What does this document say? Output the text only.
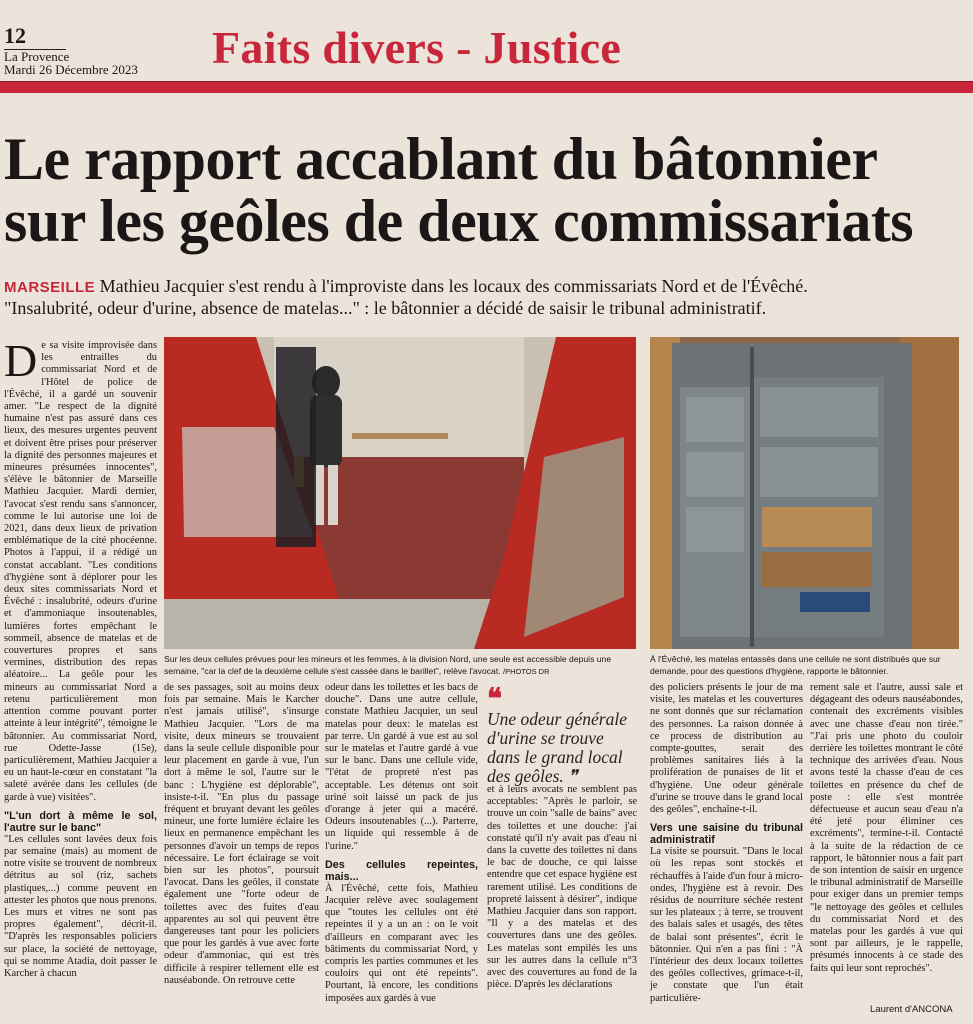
12
La Provence
Mardi 26 Décembre 2023 Faits divers - Justice
Le rapport accablant du bâtonnier
sur les geôles de deux commissariats
MARSEILLE Mathieu Jacquier s'est rendu à l'improviste dans les locaux des commissariats Nord et de l'Évêché.
"Insalubrité, odeur d'urine, absence de matelas..." : le bâtonnier a décidé de saisir le tribunal administratif.
Sur les deux cellules prévues pour les mineurs et les femmes, à la division Nord, une seule est accessible depuis une semaine, "car la clef de la deuxième cellule s'est cassée dans le barillet", relève l'avocat. /PHOTOS DR
À l'Évêché, les matelas entassés dans une cellule ne sont distribués que sur demande, pour des questions d'hygiène, rapporte le bâtonnier.
D e sa visite improvisée dans les entrailles du commissariat Nord et de l'Hôtel de police de l'Évêché, il a gardé un souvenir amer. "Le respect de la dignité humaine n'est pas assuré dans ces lieux, des mesures urgentes peuvent et doivent être prises pour préserver la dignité des personnes majeures et mineures présumées innocentes", s'élève le bâtonnier de Marseille Mathieu Jacquier. Mardi dernier, l'avocat s'est rendu sans s'annoncer, comme le lui autorise une loi de 2021, dans deux lieux de privation emblématique de la cité phocéenne. Photos à l'appui, il a rédigé un constat accablant. "Les conditions d'hygiène sont à déplorer pour les deux sites commissariats Nord et Évêché : insalubrité, odeurs d'urine et d'ammoniaque insoutenables, lumières fortes empêchant le sommeil, absence de matelas et de couvertures propres et sans vermines, distribution des repas aléatoire... La geôle pour les mineurs au commissariat Nord a retenu particulièrement mon attention comme pouvant porter atteinte à leur intégrité", témoigne le bâtonnier. Au commissariat Nord, rue Odette-Jasse (15e), particulièrement, Mathieu Jacquier a eu un haut-le-cœur en constatant "la saleté avérée dans les cellules (de garde à vue) visitées".

"L'un dort à même le sol, l'autre sur le banc"

"Les cellules sont lavées deux fois par semaine (mais) au moment de notre visite se trouvent de nombreux détritus au sol (riz, sachets plastiques,...) comme peuvent en attester les photos que nous prenons. Les murs et vitres ne sont pas propres également", décrit-il. "D'après les responsables policiers sur place, la société de nettoyage, qui se nomme Atadia, doit passer le Karcher à chacun

de ses passages, soit au moins deux fois par semaine. Mais le Karcher n'est jamais utilisé", s'insurge Mathieu Jacquier. "Lors de ma visite, deux mineurs se trouvaient dans la seule cellule disponible pour leur placement en garde à vue, l'un dort à même le sol, l'autre sur le banc : L'hygiène est déplorable", insiste-t-il. "En plus du passage fréquent et bruyant devant les geôles mineur, une forte lumière éclaire les lieux en permanence empêchant les personnes d'avoir un temps de repos nécessaire. Le fort éclairage se voit bien sur les photos", poursuit l'avocat. Dans les geôles, il constate également une "forte odeur de toilettes avec des fuites d'eau apparentes au sol qui peuvent être dangereuses tant pour les policiers que pour les gardés à vue avec forte odeur d'ammoniac, qui est très difficile à respirer tellement elle est nauséabonde. On retrouve cette

odeur dans les toilettes et les bacs de douche". Dans une autre cellule, constate Mathieu Jacquier, un seul matelas pour deux: le matelas est par terre. Un gardé à vue est au sol sur le matelas et l'autre gardé à vue sur le banc. Dans une cellule vide, "l'état de propreté n'est pas acceptable. Les détenus ont soit uriné soit laissé un pack de jus d'orange à jeter qui a macéré. Odeurs insoutenables (...). Parterre, un liquide qui ressemble à de l'urine."

Des cellules repeintes, mais...

À l'Évêché, cette fois, Mathieu Jacquier relève avec soulagement que "toutes les cellules ont été repeintes il y a un an : on le voit d'ailleurs en comparant avec les bâtiments du commissariat Nord, y compris les parties communes et les couloirs qui ont été repeints". Pourtant, là encore, les conditions imposées aux gardés à vue

❝
Une odeur générale d'urine se trouve dans le grand local des geôles. ❞

et à leurs avocats ne semblent pas acceptables: "Après le parloir, se trouve un coin "salle de bains" avec des toilettes et une douche: j'ai constaté qu'il n'y avait pas d'eau ni dans la cuvette des toilettes ni dans le bac de douche, ce qui laisse entendre que cet espace hygiène est rarement utilisé. Les conditions de propreté laissent à désirer", indique Mathieu Jacquier dans son rapport. "Il y a des matelas et des couvertures dans une des geôles. Les matelas sont empilés les uns sur les autres dans la cellule n°3 avec des couvertures au fond de la pièce. D'après les déclarations

des policiers présents le jour de ma visite, les matelas et les couvertures ne sont donnés que sur réclamation des personnes. La raison donnée à ce process de distribution au compte-gouttes, serait des problèmes sanitaires liés à la prolifération de punaises de lit et d'hygiène. Une odeur générale d'urine se trouve dans le grand local des geôles", enchaîne-t-il.

Vers une saisine du tribunal administratif

La visite se poursuit. "Dans le local où les repas sont stockés et réchauffés à l'aide d'un four à micro-ondes, l'hygiène est à revoir. Des résidus de nourriture séchée restent sur les plateaux ; à terre, se trouvent des balais sales et usagés, des têtes de balai sont présentes", écrit le bâtonnier. Qui n'en a pas fini : "À l'intérieur des deux locaux toilettes des geôles collectives, grimace-t-il, je constate que l'un était particulière-

rement sale et l'autre, aussi sale et dégageant des odeurs nauséabondes, contenait des excréments visibles avec une chasse d'eau non tirée." "J'ai pris une photo du couloir derrière les toilettes montrant le côté technique des arrivées d'eau. Nous avons testé la chasse d'eau de ces toilettes en présence du chef de poste : elle s'est montrée défectueuse et aucun seau d'eau n'a été jeté pour éliminer ces excréments", termine-t-il. Contacté à la suite de la rédaction de ce rapport, le bâtonnier nous a fait part de son intention de saisir en urgence le tribunal administratif de Marseille pour exiger dans un premier temps "le nettoyage des geôles et cellules du commissariat Nord et des matelas pour les gardés à vue qui sont par ailleurs, je le rappelle, présumés innocents à ce stade des faits qui leur sont reprochés".

Laurent d'ANCONA
